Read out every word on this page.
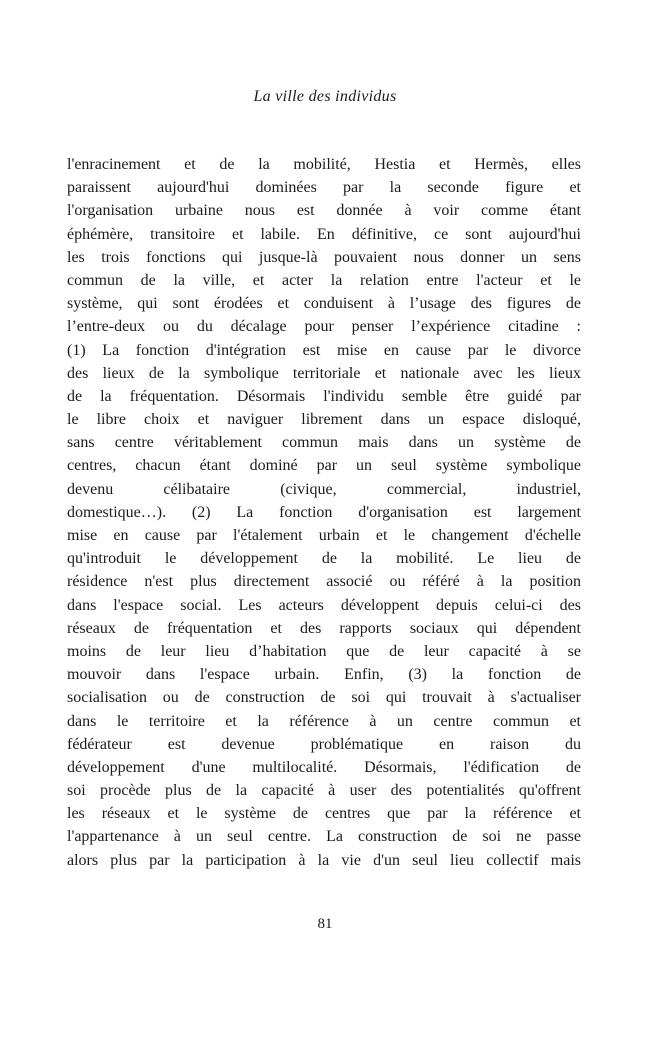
La ville des individus
l'enracinement et de la mobilité, Hestia et Hermès, elles
paraissent aujourd'hui dominées par la seconde figure et
l'organisation urbaine nous est donnée à voir comme étant
éphémère, transitoire et labile. En définitive, ce sont aujourd'hui
les trois fonctions qui jusque-là pouvaient nous donner un sens
commun de la ville, et acter la relation entre l'acteur et le
système, qui sont érodées et conduisent à l’usage des figures de
l’entre-deux ou du décalage pour penser l’expérience citadine :
(1) La fonction d'intégration est mise en cause par le divorce
des lieux de la symbolique territoriale et nationale avec les lieux
de la fréquentation. Désormais l'individu semble être guidé par
le libre choix et naviguer librement dans un espace disloqué,
sans centre véritablement commun mais dans un système de
centres, chacun étant dominé par un seul système symbolique
devenu célibataire (civique, commercial, industriel,
domestique…). (2) La fonction d'organisation est largement
mise en cause par l'étalement urbain et le changement d'échelle
qu'introduit le développement de la mobilité. Le lieu de
résidence n'est plus directement associé ou référé à la position
dans l'espace social. Les acteurs développent depuis celui-ci des
réseaux de fréquentation et des rapports sociaux qui dépendent
moins de leur lieu d’habitation que de leur capacité à se
mouvoir dans l'espace urbain. Enfin, (3) la fonction de
socialisation ou de construction de soi qui trouvait à s'actualiser
dans le territoire et la référence à un centre commun et
fédérateur est devenue problématique en raison du
développement d'une multilocalité. Désormais, l'édification de
soi procède plus de la capacité à user des potentialités qu'offrent
les réseaux et le système de centres que par la référence et
l'appartenance à un seul centre. La construction de soi ne passe
alors plus par la participation à la vie d'un seul lieu collectif mais
81
